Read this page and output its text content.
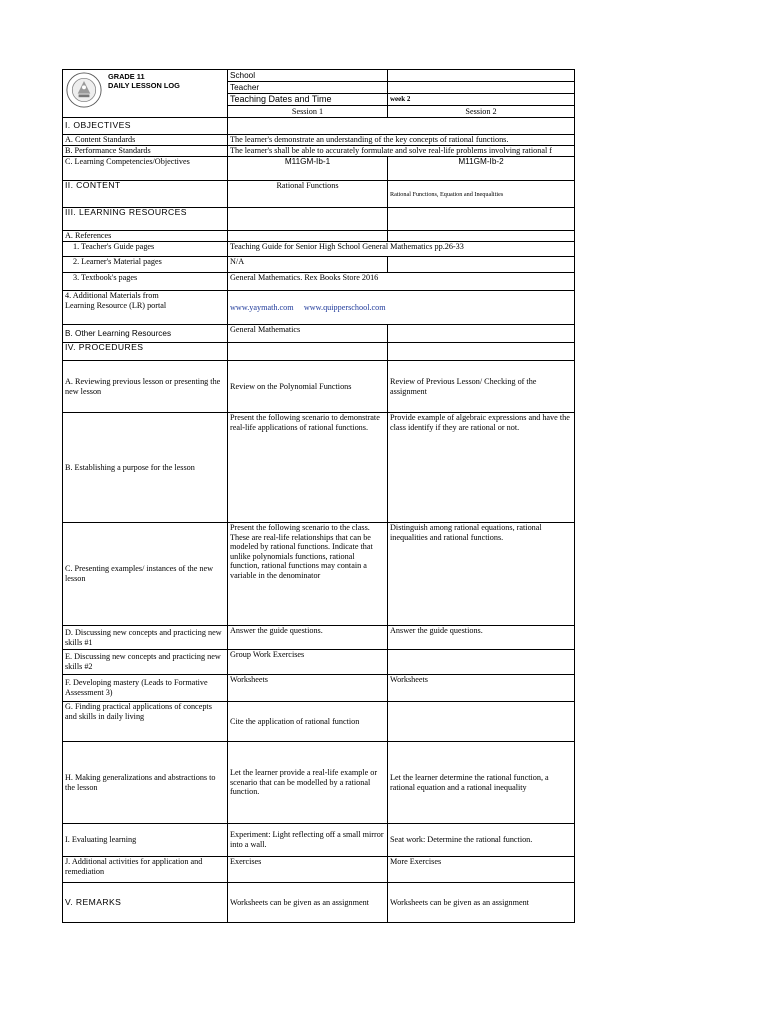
GRADE 11
DAILY LESSON LOG	School	
	Teacher	
	Teaching Dates and Time	week 2
	Session 1	Session 2
I. OBJECTIVES		
A. Content Standards	The learner's demonstrate an understanding of the key concepts of rational functions.	
B. Performance Standards	The learner's shall be able to accurately formulate and solve real-life problems involving rational f	
C. Learning Competencies/Objectives	M11GM-Ib-1	M11GM-Ib-2
II. CONTENT	Rational Functions	Rational Functions, Equation and Inequalities
III. LEARNING RESOURCES		
A. References		
1. Teacher's Guide pages	Teaching Guide for Senior High School General Mathematics pp.26-33	
2. Learner's Material pages	N/A	
3. Textbook's pages	General Mathematics. Rex Books Store 2016	

4. Additional Materials from
Learning Resource (LR) portal	www.yaymath.com www.quipperschool.com	
B. Other Learning Resources	General Mathematics	
IV. PROCEDURES		
A. Reviewing previous lesson or presenting the new lesson	Review on the Polynomial Functions	Review of Previous Lesson/ Checking of the assignment
B. Establishing a purpose for the lesson	Present the following scenario to demonstrate real-life applications of rational functions.	Provide example of algebraic expressions and have the class identify if they are rational or not.
C. Presenting examples/ instances of the new lesson	Present the following scenario to the class. These are real-life relationships that can be modeled by rational functions. Indicate that unlike polynomials functions, rational function, rational functions may contain a variable in the denominator	Distinguish among rational equations, rational inequalities and rational functions.
D. Discussing new concepts and practicing new skills #1	Answer the guide questions.	Answer the guide questions.
E. Discussing new concepts and practicing new skills #2	Group Work Exercises	
F. Developing mastery (Leads to Formative Assessment 3)	Worksheets	Worksheets
G. Finding practical applications of concepts and skills in daily living	Cite the application of rational function	
H. Making generalizations and abstractions to the lesson	Let the learner provide a real-life example or scenario that can be modelled by a rational function.	Let the learner determine the rational function, a rational equation and a rational inequality
I. Evaluating learning	Experiment: Light reflecting off a small mirror into a wall.	Seat work: Determine the rational function.
J. Additional activities for application and remediation	Exercises	More Exercises
V. REMARKS	Worksheets can be given as an assignment	Worksheets can be given as an assignment
